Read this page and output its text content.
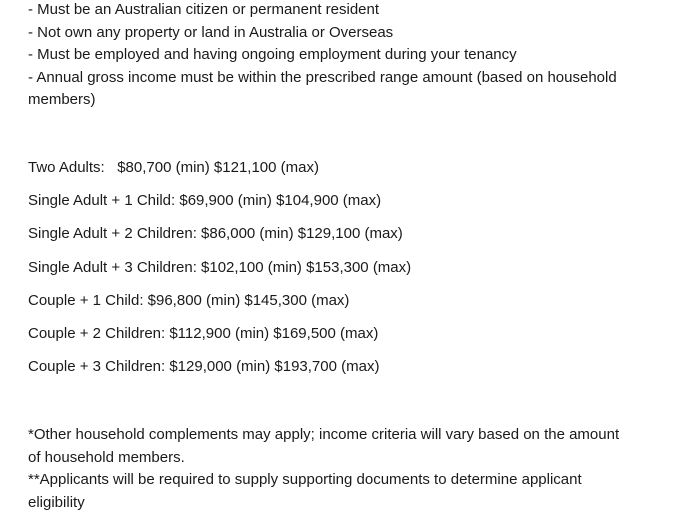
- Must be an Australian citizen or permanent resident
- Not own any property or land in Australia or Overseas
- Must be employed and having ongoing employment during your tenancy
- Annual gross income must be within the prescribed range amount (based on household members)
Two Adults:   $80,700 (min) $121,100 (max)
Single Adult + 1 Child: $69,900 (min) $104,900 (max)
Single Adult + 2 Children: $86,000 (min) $129,100 (max)
Single Adult + 3 Children: $102,100 (min) $153,300 (max)
Couple + 1 Child: $96,800 (min) $145,300 (max)
Couple + 2 Children: $112,900 (min) $169,500 (max)
Couple + 3 Children: $129,000 (min) $193,700 (max)

*Other household complements may apply; income criteria will vary based on the amount of household members.

**Applicants will be required to supply supporting documents to determine applicant eligibility
